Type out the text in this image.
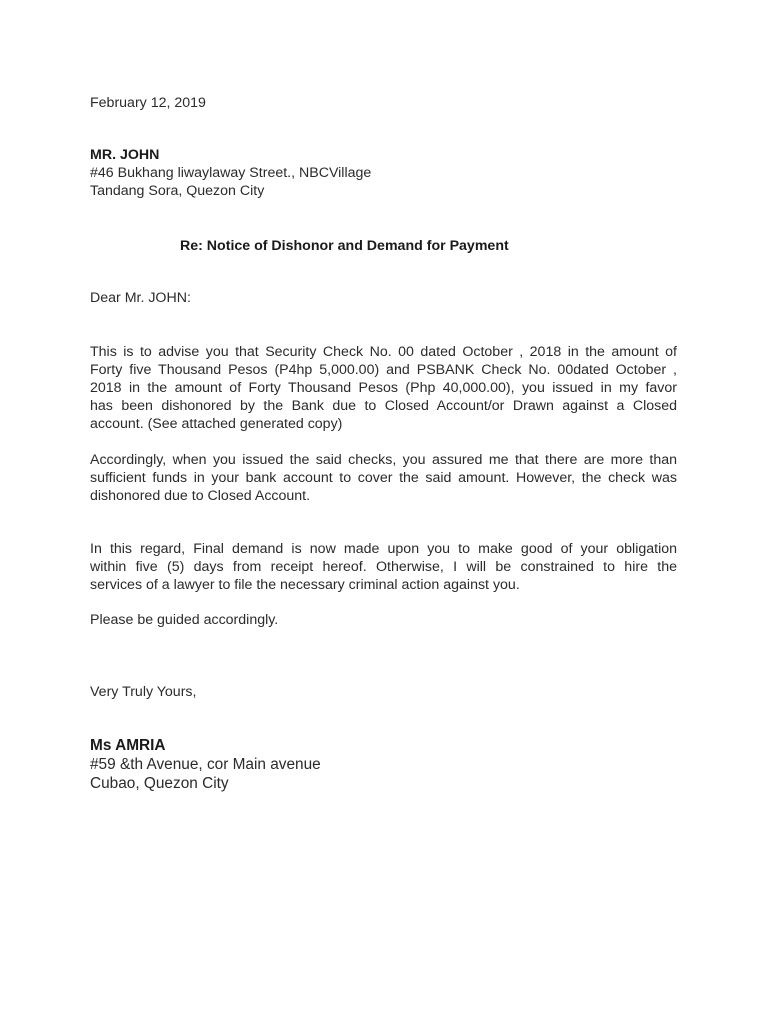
February 12, 2019
MR. JOHN
#46 Bukhang liwaylaway Street., NBCVillage
Tandang Sora, Quezon City
Re: Notice of Dishonor and Demand for Payment
Dear Mr. JOHN:
This is to advise you that Security Check No. 00 dated October , 2018 in the amount of
Forty five Thousand Pesos (P4hp 5,000.00) and PSBANK Check No. 00dated October ,
2018 in the amount of Forty Thousand Pesos (Php 40,000.00), you issued in my favor
has been dishonored by the Bank due to Closed Account/or Drawn against a Closed
account. (See attached generated copy)
Accordingly, when you issued the said checks, you assured me that there are more than
sufficient funds in your bank account to cover the said amount. However, the check was
dishonored due to Closed Account.
In this regard, Final demand is now made upon you to make good of your obligation
within five (5) days from receipt hereof. Otherwise, I will be constrained to hire the
services of a lawyer to file the necessary criminal action against you.
Please be guided accordingly.
Very Truly Yours,
Ms AMRIA
#59 &th Avenue, cor Main avenue
Cubao, Quezon City
